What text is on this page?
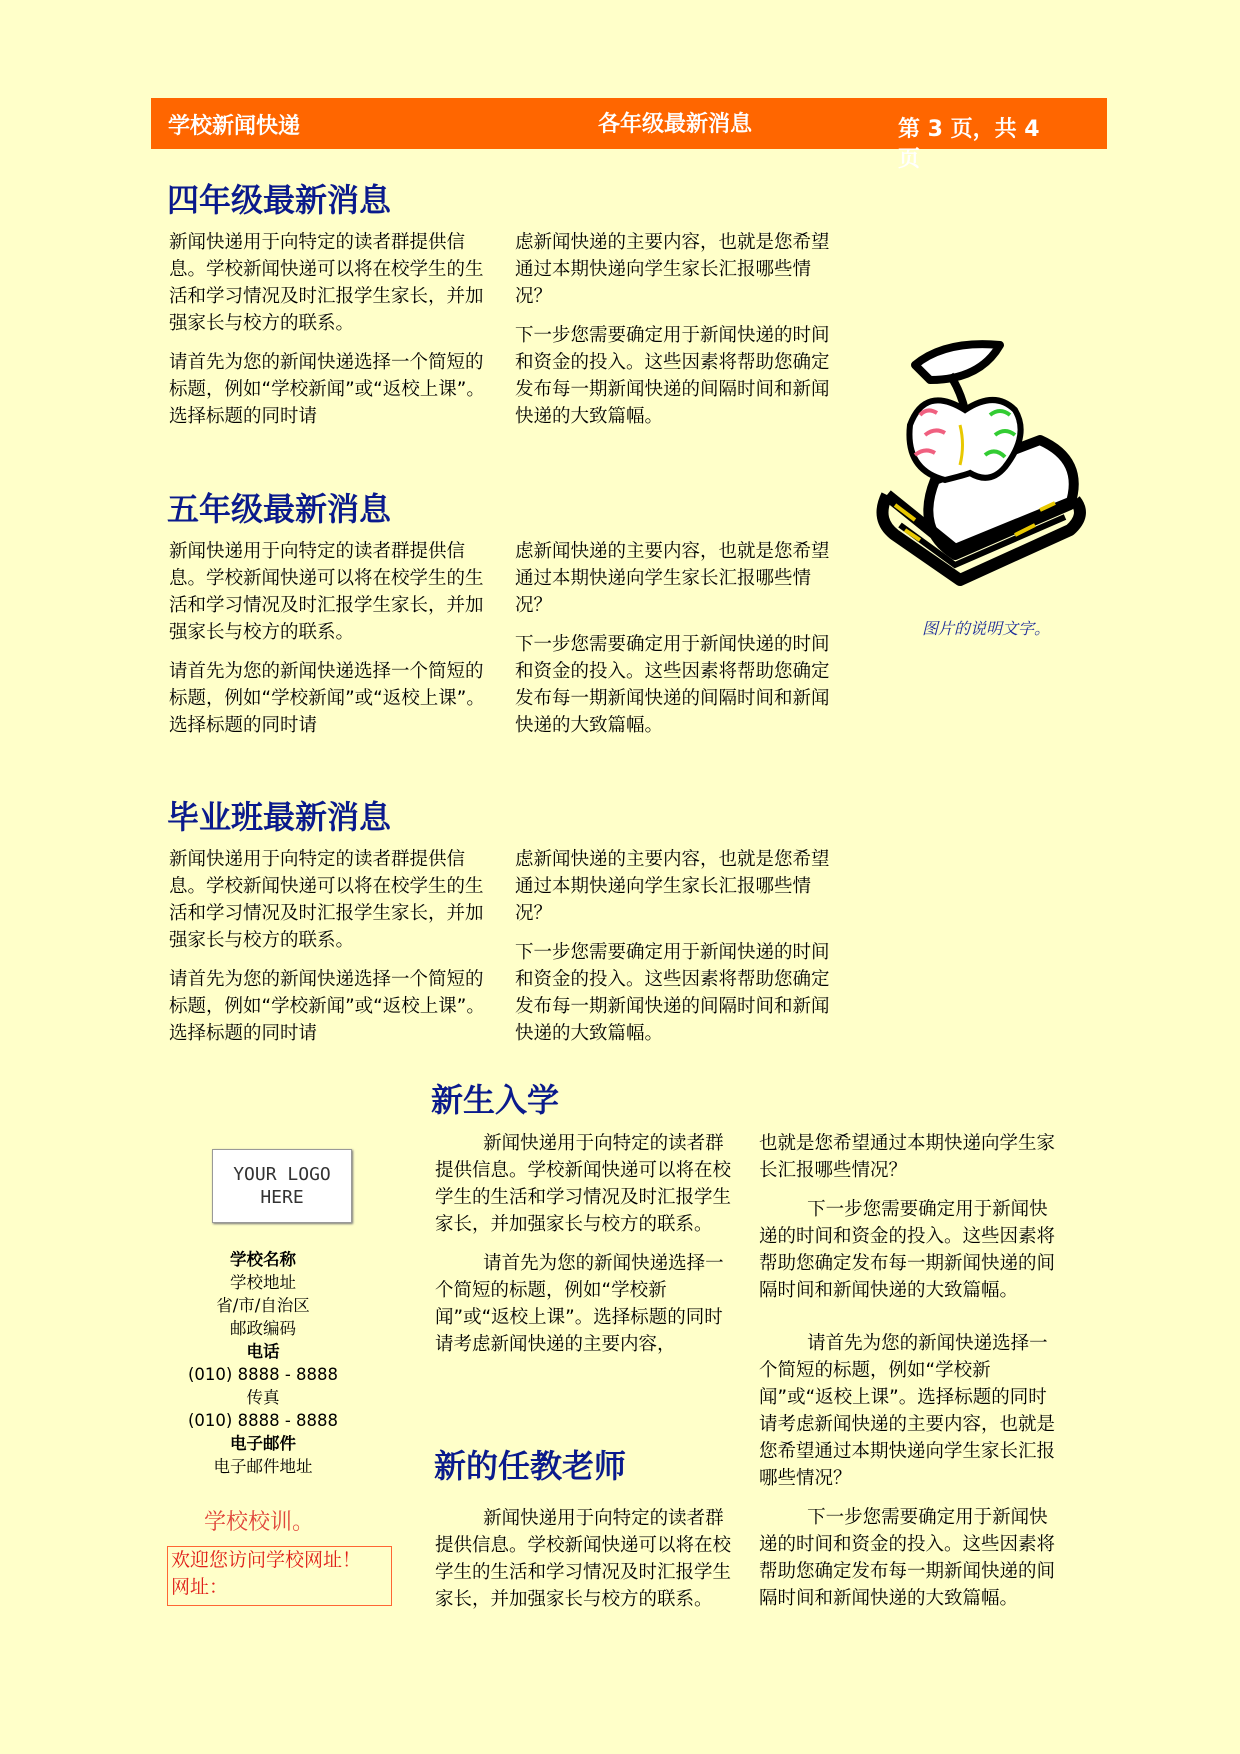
学校新闻快递	各年级最新消息	第 3 页，共 4 页
四年级最新消息

新闻快递用于向特定的读者群提供信息。学校新闻快递可以将在校学生的生活和学习情况及时汇报学生家长，并加强家长与校方的联系。

请首先为您的新闻快递选择一个简短的标题，例如“学校新闻”或“返校上课”。选择标题的同时请

虑新闻快递的主要内容，也就是您希望通过本期快递向学生家长汇报哪些情况？

下一步您需要确定用于新闻快递的时间和资金的投入。这些因素将帮助您确定发布每一期新闻快递的间隔时间和新闻快递的大致篇幅。

五年级最新消息

新闻快递用于向特定的读者群提供信息。学校新闻快递可以将在校学生的生活和学习情况及时汇报学生家长，并加强家长与校方的联系。

请首先为您的新闻快递选择一个简短的标题，例如“学校新闻”或“返校上课”。选择标题的同时请

虑新闻快递的主要内容，也就是您希望通过本期快递向学生家长汇报哪些情况？

下一步您需要确定用于新闻快递的时间和资金的投入。这些因素将帮助您确定发布每一期新闻快递的间隔时间和新闻快递的大致篇幅。

毕业班最新消息

新闻快递用于向特定的读者群提供信息。学校新闻快递可以将在校学生的生活和学习情况及时汇报学生家长，并加强家长与校方的联系。

请首先为您的新闻快递选择一个简短的标题，例如“学校新闻”或“返校上课”。选择标题的同时请

虑新闻快递的主要内容，也就是您希望通过本期快递向学生家长汇报哪些情况？

下一步您需要确定用于新闻快递的时间和资金的投入。这些因素将帮助您确定发布每一期新闻快递的间隔时间和新闻快递的大致篇幅。

图片的说明文字。
YOUR LOGO
HERE
学校名称
学校地址
省/市/自治区
邮政编码
电话
(010) 8888 - 8888
传真
(010) 8888 - 8888
电子邮件
电子邮件地址
学校校训。
欢迎您访问学校网址！
网址：
新生入学

新闻快递用于向特定的读者群提供信息。学校新闻快递可以将在校学生的生活和学习情况及时汇报学生家长，并加强家长与校方的联系。

请首先为您的新闻快递选择一个简短的标题，例如“学校新闻”或“返校上课”。选择标题的同时请考虑新闻快递的主要内容，

新的任教老师

新闻快递用于向特定的读者群提供信息。学校新闻快递可以将在校学生的生活和学习情况及时汇报学生家长，并加强家长与校方的联系。

也就是您希望通过本期快递向学生家长汇报哪些情况？

下一步您需要确定用于新闻快递的时间和资金的投入。这些因素将帮助您确定发布每一期新闻快递的间隔时间和新闻快递的大致篇幅。

请首先为您的新闻快递选择一个简短的标题，例如“学校新闻”或“返校上课”。选择标题的同时请考虑新闻快递的主要内容，也就是您希望通过本期快递向学生家长汇报哪些情况？

下一步您需要确定用于新闻快递的时间和资金的投入。这些因素将帮助您确定发布每一期新闻快递的间隔时间和新闻快递的大致篇幅。
